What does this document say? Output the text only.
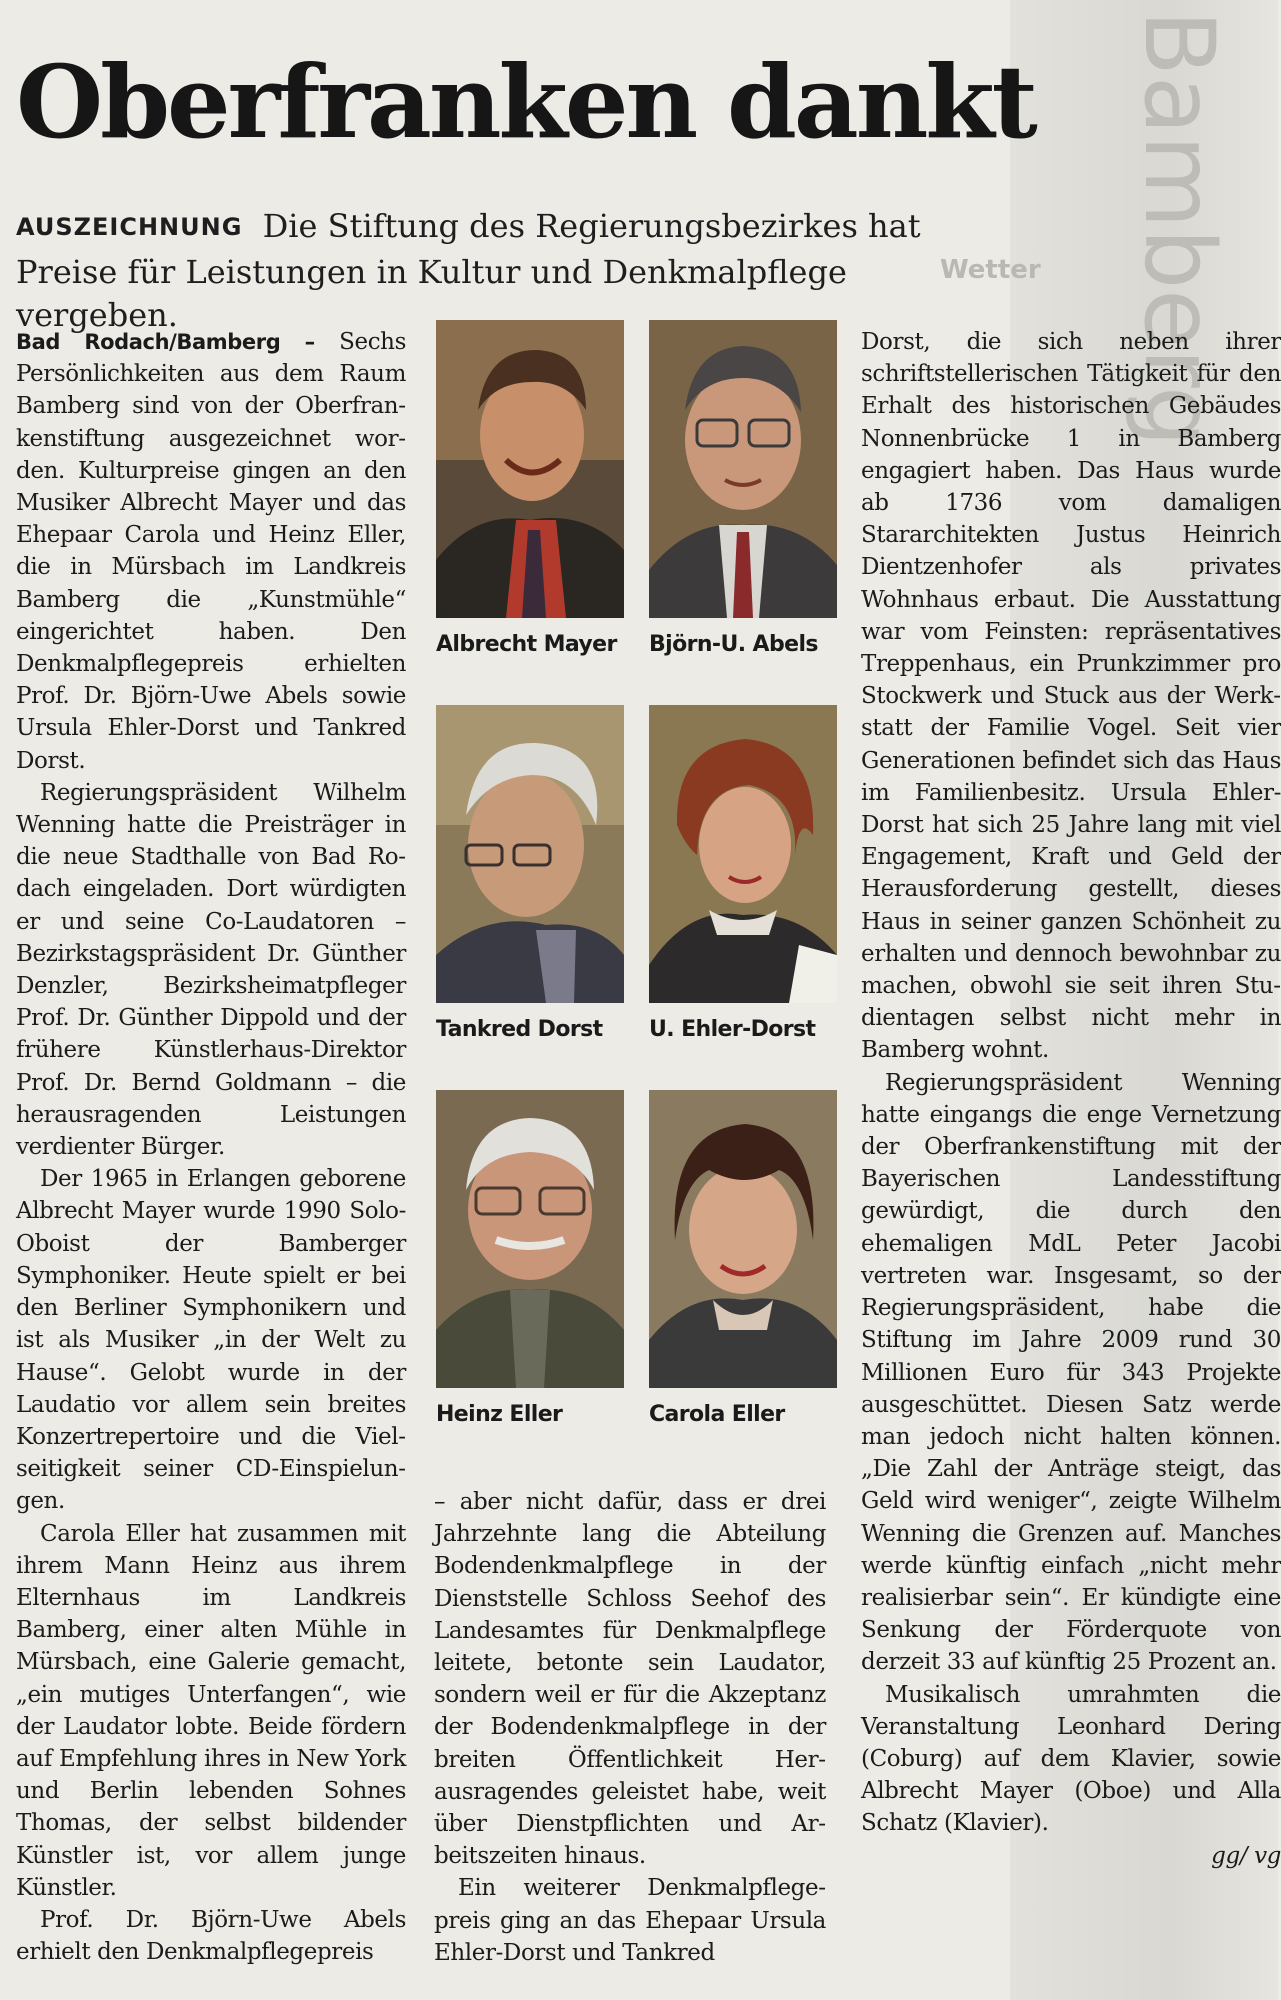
Bamberg
Wetter
Oberfranken dankt

AUSZEICHNUNG Die Stiftung des Regierungsbezirkes hat Preise für Leistungen in Kultur und Denkmalpflege vergeben.

Bad Rodach/Bamberg – Sechs Persönlichkeiten aus dem Raum Bamberg sind von der Oberfrankenstiftung ausgezeichnet worden. Kulturpreise gingen an den Musiker Albrecht Mayer und das Ehepaar Carola und Heinz Eller, die in Mürsbach im Landkreis Bamberg die „Kunstmühle“ eingerichtet haben. Den Denkmalpflegepreis erhielten Prof. Dr. Björn-Uwe Abels sowie Ursula Ehler-Dorst und Tankred Dorst.

Regierungspräsident Wilhelm Wenning hatte die Preisträger in die neue Stadthalle von Bad Rodach eingeladen. Dort würdigten er und seine Co-Laudatoren – Bezirkstagspräsident Dr. Günther Denzler, Bezirksheimatpfleger Prof. Dr. Günther Dippold und der frühere Künstlerhaus-Direktor Prof. Dr. Bernd Goldmann – die herausragenden Leistungen verdienter Bürger.

Der 1965 in Erlangen geborene Albrecht Mayer wurde 1990 Solo-Oboist der Bamberger Symphoniker. Heute spielt er bei den Berliner Symphonikern und ist als Musiker „in der Welt zu Hause“. Gelobt wurde in der Laudatio vor allem sein breites Konzertrepertoire und die Vielseitigkeit seiner CD-Einspielungen.

Carola Eller hat zusammen mit ihrem Mann Heinz aus ihrem Elternhaus im Landkreis Bamberg, einer alten Mühle in Mürsbach, eine Galerie gemacht, „ein mutiges Unterfangen“, wie der Laudator lobte. Beide fördern auf Empfehlung ihres in New York und Berlin lebenden Sohnes Thomas, der selbst bildender Künstler ist, vor allem junge Künstler.

Prof. Dr. Björn-Uwe Abels erhielt den Denkmalpflegepreis

Albrecht Mayer Björn-U. Abels
Tankred Dorst U. Ehler-Dorst
Heinz Eller	Carola Eller

– aber nicht dafür, dass er drei Jahrzehnte lang die Abteilung Bodendenkmalpflege in der Dienststelle Schloss Seehof des Landesamtes für Denkmalpflege leitete, betonte sein Laudator, sondern weil er für die Akzeptanz der Bodendenkmalpflege in der breiten Öffentlichkeit Herausragendes geleistet habe, weit über Dienstpflichten und Arbeitszeiten hinaus.

Ein weiterer Denkmalpflegepreis ging an das Ehepaar Ursula Ehler-Dorst und Tankred

Dorst, die sich neben ihrer schriftstellerischen Tätigkeit für den Erhalt des historischen Gebäudes Nonnenbrücke 1 in Bamberg engagiert haben. Das Haus wurde ab 1736 vom damaligen Stararchitekten Justus Heinrich Dientzenhofer als privates Wohnhaus erbaut. Die Ausstattung war vom Feinsten: repräsentatives Treppenhaus, ein Prunkzimmer pro Stockwerk und Stuck aus der Werkstatt der Familie Vogel. Seit vier Generationen befindet sich das Haus im Familienbesitz. Ursula Ehler-Dorst hat sich 25 Jahre lang mit viel Engagement, Kraft und Geld der Herausforderung gestellt, dieses Haus in seiner ganzen Schönheit zu erhalten und dennoch bewohnbar zu machen, obwohl sie seit ihren Studientagen selbst nicht mehr in Bamberg wohnt.

Regierungspräsident Wenning hatte eingangs die enge Vernetzung der Oberfrankenstiftung mit der Bayerischen Landesstiftung gewürdigt, die durch den ehemaligen MdL Peter Jacobi vertreten war. Insgesamt, so der Regierungspräsident, habe die Stiftung im Jahre 2009 rund 30 Millionen Euro für 343 Projekte ausgeschüttet. Diesen Satz werde man jedoch nicht halten können. „Die Zahl der Anträge steigt, das Geld wird weniger“, zeigte Wilhelm Wenning die Grenzen auf. Manches werde künftig einfach „nicht mehr realisierbar sein“. Er kündigte eine Senkung der Förderquote von derzeit 33 auf künftig 25 Prozent an.

Musikalisch umrahmten die Veranstaltung Leonhard Dering (Coburg) auf dem Klavier, sowie Albrecht Mayer (Oboe) und Alla Schatz (Klavier).

gg/ vg
